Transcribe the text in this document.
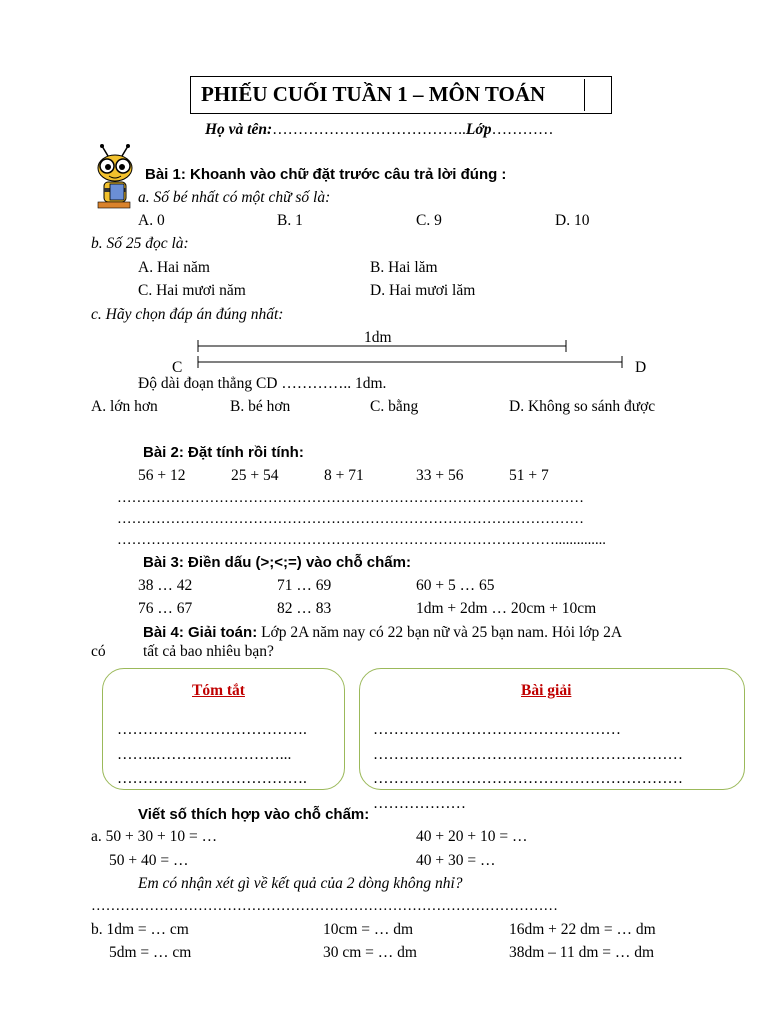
PHIẾU CUỐI TUẦN 1 – MÔN TOÁN
Họ và tên:………………………………..Lớp…………
Bài 1: Khoanh vào chữ đặt trước câu trả lời đúng :
a. Số bé nhất có một chữ số là:
A. 0	B. 1	C. 9	D. 10
b. Số 25 đọc là:
A. Hai năm	B. Hai lăm
C. Hai mươi năm	D. Hai mươi lăm
c. Hãy chọn đáp án đúng nhất:
1dm
C	D
Độ dài đoạn thẳng CD ………….. 1dm.
A. lớn hơn	B. bé hơn	C. bằng	D. Không so sánh được
Bài 2: Đặt tính rồi tính:
56 + 12	25 + 54	8 + 71	33 + 56	51 + 7
……………………………………………………………………………………
……………………………………………………………………………………
………………………………………………………………………………..............
Bài 3: Điền dấu (>;<;=) vào chỗ chấm:
38 … 42	71 … 69	60 + 5 … 65
76 … 67	82 … 83	1dm + 2dm … 20cm + 10cm
Bài 4: Giải toán: Lớp 2A năm nay có 22 bạn nữ và 25 bạn nam. Hỏi lớp 2A
có tất cả bao nhiêu bạn?
Tóm tắt
……………………………….
……..……………………...
……………………………….
Bài giải
…………………………………………
……………………………………………………
……………………………………………………
………………
Viết số thích hợp vào chỗ chấm:
a. 50 + 30 + 10 = …	40 + 20 + 10 = …
50 + 40 = …	40 + 30 = …
Em có nhận xét gì về kết quả của 2 dòng không nhỉ?
……………………………………………………………………………………
b. 1dm = … cm	10cm = … dm	16dm + 22 dm = … dm
5dm = … cm	30 cm = … dm	38dm – 11 dm = … dm
